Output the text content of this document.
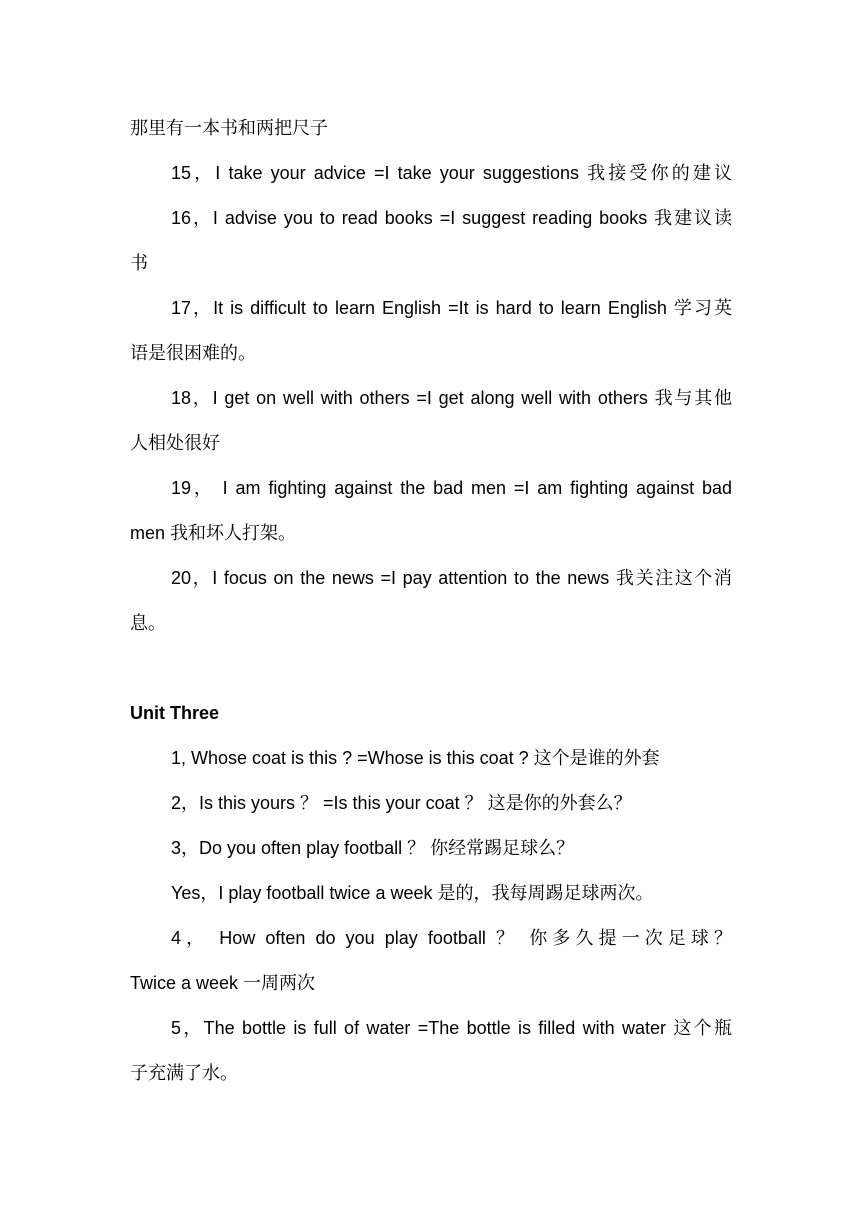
那里有一本书和两把尺子
15，I take your advice =I take your suggestions 我接受你的建议
16，I advise you to read books =I suggest reading books 我建议读
书
17，It is difficult to learn English =It is hard to learn English 学习英
语是很困难的。
18，I get on well with others =I get along well with others 我与其他
人相处很好
19， I am fighting against the bad men =I am fighting against bad
men 我和坏人打架。
20，I focus on the news =I pay attention to the news 我关注这个消
息。
Unit Three
1, Whose coat is this ? =Whose is this coat ? 这个是谁的外套
2，Is this yours ？ =Is this your coat ？ 这是你的外套么？
3，Do you often play football ？ 你经常踢足球么？
Yes，I play football twice a week 是的，我每周踢足球两次。
4， How often do you play football ？ 你多久提一次足球？
Twice a week 一周两次
5，The bottle is full of water =The bottle is filled with water 这个瓶
子充满了水。
